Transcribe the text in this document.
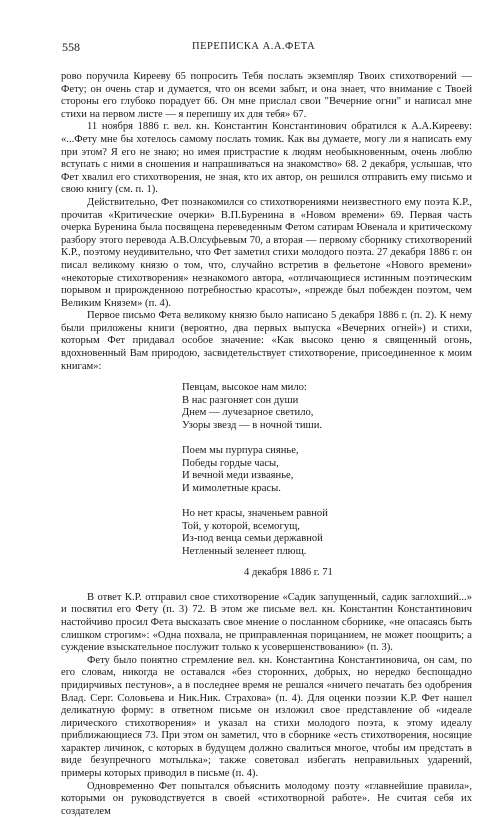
558	ПЕРЕПИСКА А.А.ФЕТА

рово поручила Кирееву 65 попросить Тебя послать экземпляр Твоих стихотворений — Фету; он очень стар и думается, что он всеми забыт, и она знает, что внимание с Твоей стороны его глубоко порадует 66. Он мне прислал свои "Вечерние огни" и написал мне стихи на первом листе — я перепишу их для тебя» 67.

11 ноября 1886 г. вел. кн. Константин Константинович обратился к А.А.Кирееву: «...Фету мне бы хотелось самому послать томик. Как вы думаете, могу ли я написать ему при этом? Я его не знаю; но имея пристрастие к людям необыкновенным, очень люблю вступать с ними в сношения и напрашиваться на знакомство» 68. 2 декабря, услышав, что Фет хвалил его стихотворения, не зная, кто их автор, он решился отправить ему письмо и свою книгу (см. п. 1).

Действительно, Фет познакомился со стихотворениями неизвестного ему поэта К.Р., прочитав «Критические очерки» В.П.Буренина в «Новом времени» 69. Первая часть очерка Буренина была посвящена переведенным Фетом сатирам Ювенала и критическому разбору этого перевода А.В.Олсуфьевым 70, а вторая — первому сборнику стихотворений К.Р., поэтому неудивительно, что Фет заметил стихи молодого поэта. 27 декабря 1886 г. он писал великому князю о том, что, случайно встретив в фельетоне «Нового времени» «некоторые стихотворения» незнакомого автора, «отличающиеся истинным поэтическим порывом и прирожденною потребностью красоты», «прежде был побежден поэтом, чем Великим Князем» (п. 4).

Первое письмо Фета великому князю было написано 5 декабря 1886 г. (п. 2). К нему были приложены книги (вероятно, два первых выпуска «Вечерних огней») и стихи, которым Фет придавал особое значение: «Как высоко ценю я священный огонь, вдохновенный Вам природою, засвидетельствует стихотворение, присоединенное к моим книгам»:

Певцам, высокое нам мило:
В нас разгоняет сон души
Днем — лучезарное светило,
Узоры звезд — в ночной тиши.
Поем мы пурпура сиянье,
Победы гордые часы,
И вечной меди изваянье,
И мимолетные красы.
Но нет красы, значеньем равной
Той, у которой, всемогущ,
Из-под венца семьи державной
Нетленный зеленеет плющ.
4 декабря 1886 г. 71

В ответ К.Р. отправил свое стихотворение «Садик запущенный, садик заглохший...» и посвятил его Фету (п. 3) 72. В этом же письме вел. кн. Константин Константинович настойчиво просил Фета высказать свое мнение о посланном сборнике, «не опасаясь быть слишком строгим»: «Одна похвала, не приправленная порицанием, не может поощрить; а суждение взыскательное послужит только к усовершенствованию» (п. 3).

Фету было понятно стремление вел. кн. Константина Константиновича, он сам, по его словам, никогда не оставался «без сторонних, добрых, но нередко беспощадно придирчивых пестунов», а в последнее время не решался «ничего печатать без одобрения Влад. Серг. Соловьева и Ник.Ник. Страхова» (п. 4). Для оценки поэзии К.Р. Фет нашел деликатную форму: в ответном письме он изложил свое представление об «идеале лирического стихотворения» и указал на стихи молодого поэта, к этому идеалу приближающиеся 73. При этом он заметил, что в сборнике «есть стихотворения, носящие характер личинок, с которых в будущем должно свалиться многое, чтобы им предстать в виде безупречного мотылька»; также советовал избегать неправильных ударений, примеры которых приводил в письме (п. 4).

Одновременно Фет попытался объяснить молодому поэту «главнейшие правила», которыми он руководствуется в своей «стихотворной работе». Не считая себя их создателем
